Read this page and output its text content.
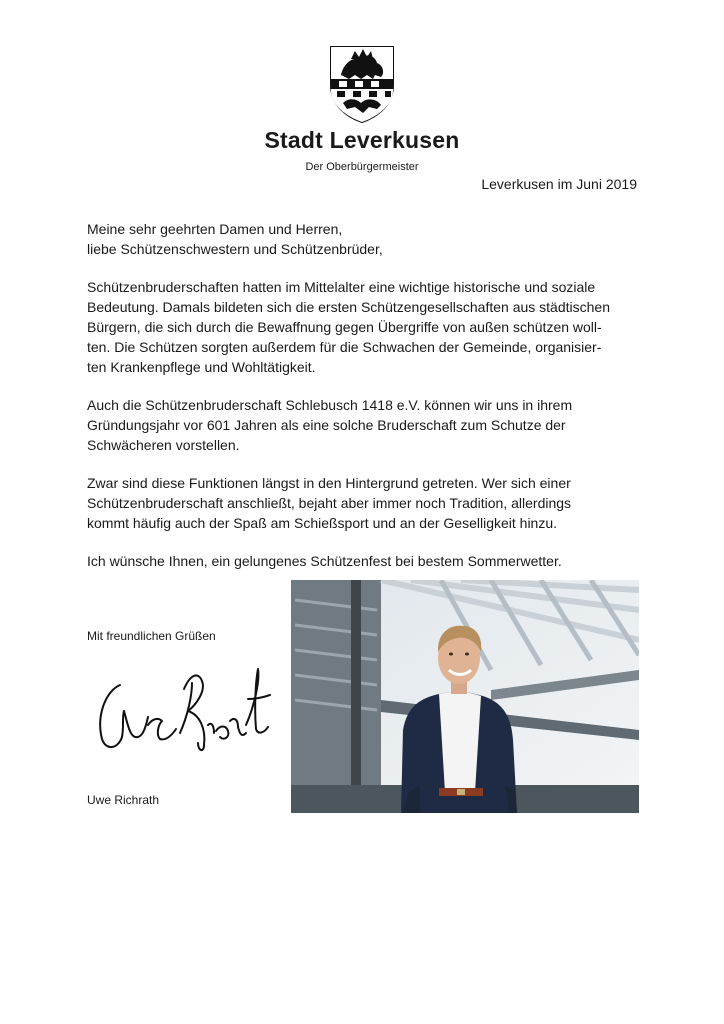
Stadt Leverkusen
Der Oberbürgermeister
Leverkusen im Juni 2019

Meine sehr geehrten Damen und Herren,
liebe Schützenschwestern und Schützenbrüder,

Schützenbruderschaften hatten im Mittelalter eine wichtige historische und soziale
Bedeutung. Damals bildeten sich die ersten Schützengesellschaften aus städtischen
Bürgern, die sich durch die Bewaffnung gegen Übergriffe von außen schützen woll-
ten. Die Schützen sorgten außerdem für die Schwachen der Gemeinde, organisier-
ten Krankenpflege und Wohltätigkeit.

Auch die Schützenbruderschaft Schlebusch 1418 e.V. können wir uns in ihrem
Gründungsjahr vor 601 Jahren als eine solche Bruderschaft zum Schutze der
Schwächeren vorstellen.

Zwar sind diese Funktionen längst in den Hintergrund getreten. Wer sich einer
Schützenbruderschaft anschließt, bejaht aber immer noch Tradition, allerdings
kommt häufig auch der Spaß am Schießsport und an der Geselligkeit hinzu.

Ich wünsche Ihnen, ein gelungenes Schützenfest bei bestem Sommerwetter.

Mit freundlichen Grüßen
Uwe Richrath
